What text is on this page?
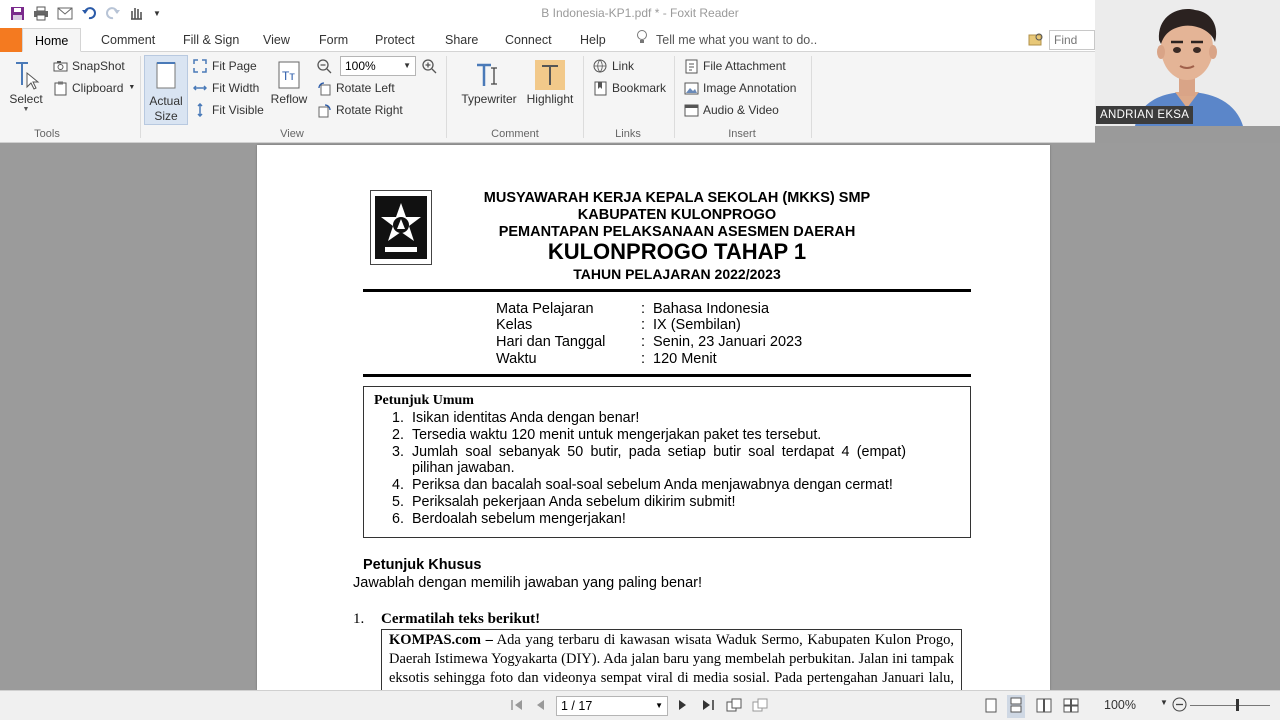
▼	B Indonesia-KP1.pdf * - Foxit Reader
Home	Comment Fill & Sign View Form Protect Share Connect Help	Tell me what you want to do..	Find
Select
▼
SnapShot
Clipboard ▼
Tools
Actual
Size
Fit Page
Fit Width
Fit Visible
Tт
Reflow
100%	▼
Rotate Left
Rotate Right
View
Typewriter Highlight
Comment
Link
Bookmark
Links
File Attachment
Image Annotation
Audio & Video
Insert
ANDRIAN EKSA
MUSYAWARAH KERJA KEPALA SEKOLAH (MKKS) SMP
KABUPATEN KULONPROGO
PEMANTAPAN PELAKSANAAN ASESMEN DAERAH
KULONPROGO TAHAP 1
TAHUN PELAJARAN 2022/2023
Mata Pelajaran	: Bahasa Indonesia
Kelas	: IX (Sembilan)
Hari dan Tanggal : Senin, 23 Januari 2023
Waktu	: 120 Menit
Petunjuk Umum
1. Isikan identitas Anda dengan benar!
2. Tersedia waktu 120 menit untuk mengerjakan paket tes tersebut.
3. Jumlah soal sebanyak 50 butir, pada setiap butir soal terdapat 4 (empat) pilihan jawaban.
4. Periksa dan bacalah soal-soal sebelum Anda menjawabnya dengan cermat!
5. Periksalah pekerjaan Anda sebelum dikirim submit!
6. Berdoalah sebelum mengerjakan!
Petunjuk Khusus
Jawablah dengan memilih jawaban yang paling benar!
1. Cermatilah teks berikut!
KOMPAS.com – Ada yang terbaru di kawasan wisata Waduk Sermo, Kabupaten Kulon Progo, Daerah Istimewa Yogyakarta (DIY). Ada jalan baru yang membelah perbukitan. Jalan ini tampak eksotis sehingga foto dan videonya sempat viral di media sosial. Pada pertengahan Januari lalu,
1 / 17	▼	100%	▼
